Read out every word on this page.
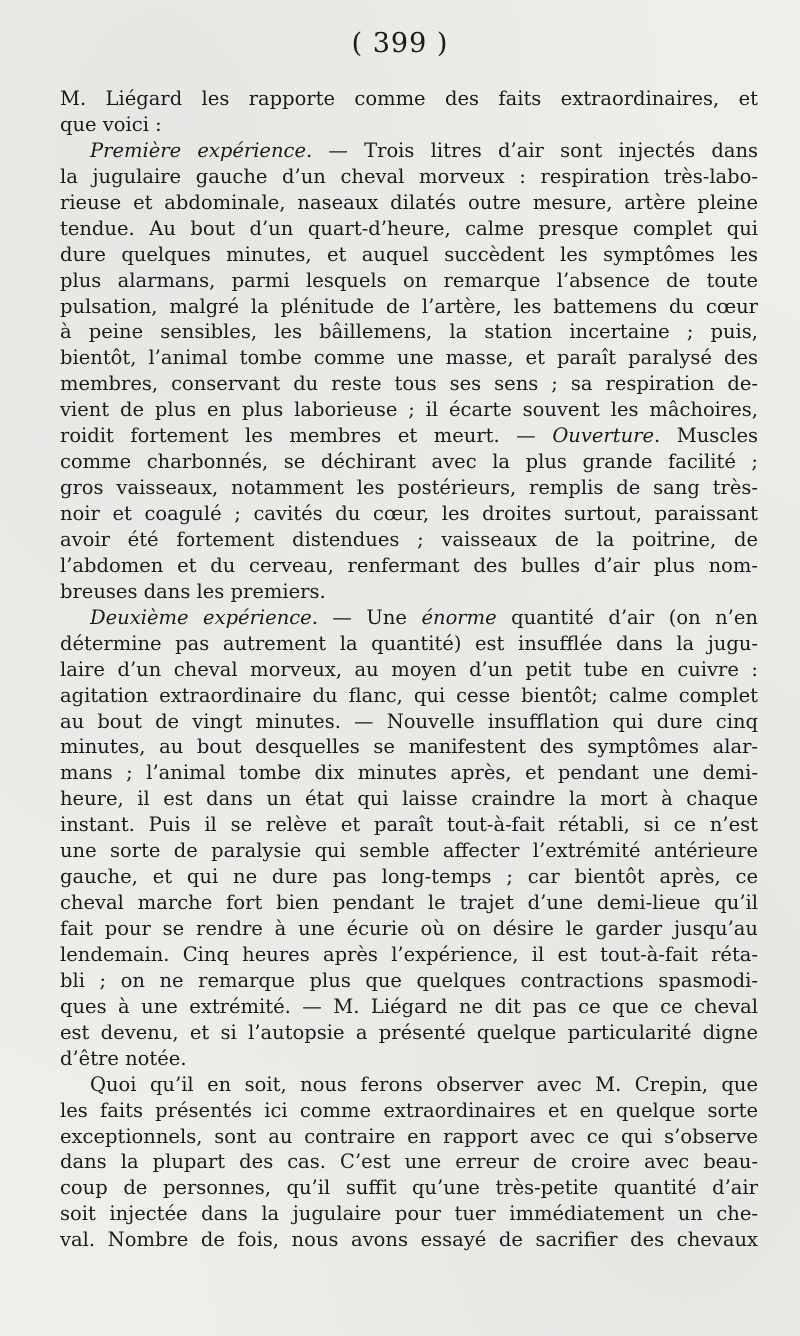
( 399 )
M. Liégard les rapporte comme des faits extraordinaires, et
que voici :
Première expérience. — Trois litres d’air sont injectés dans
la jugulaire gauche d’un cheval morveux : respiration très-labo-
rieuse et abdominale, naseaux dilatés outre mesure, artère pleine
tendue. Au bout d’un quart-d’heure, calme presque complet qui
dure quelques minutes, et auquel succèdent les symptômes les
plus alarmans, parmi lesquels on remarque l’absence de toute
pulsation, malgré la plénitude de l’artère, les battemens du cœur
à peine sensibles, les bâillemens, la station incertaine ; puis,
bientôt, l’animal tombe comme une masse, et paraît paralysé des
membres, conservant du reste tous ses sens ; sa respiration de-
vient de plus en plus laborieuse ; il écarte souvent les mâchoires,
roidit fortement les membres et meurt. — Ouverture. Muscles
comme charbonnés, se déchirant avec la plus grande facilité ;
gros vaisseaux, notamment les postérieurs, remplis de sang très-
noir et coagulé ; cavités du cœur, les droites surtout, paraissant
avoir été fortement distendues ; vaisseaux de la poitrine, de
l’abdomen et du cerveau, renfermant des bulles d’air plus nom-
breuses dans les premiers.
Deuxième expérience. — Une énorme quantité d’air (on n’en
détermine pas autrement la quantité) est insufflée dans la jugu-
laire d’un cheval morveux, au moyen d’un petit tube en cuivre :
agitation extraordinaire du flanc, qui cesse bientôt; calme complet
au bout de vingt minutes. — Nouvelle insufflation qui dure cinq
minutes, au bout desquelles se manifestent des symptômes alar-
mans ; l’animal tombe dix minutes après, et pendant une demi-
heure, il est dans un état qui laisse craindre la mort à chaque
instant. Puis il se relève et paraît tout-à-fait rétabli, si ce n’est
une sorte de paralysie qui semble affecter l’extrémité antérieure
gauche, et qui ne dure pas long-temps ; car bientôt après, ce
cheval marche fort bien pendant le trajet d’une demi-lieue qu’il
fait pour se rendre à une écurie où on désire le garder jusqu’au
lendemain. Cinq heures après l’expérience, il est tout-à-fait réta-
bli ; on ne remarque plus que quelques contractions spasmodi-
ques à une extrémité. — M. Liégard ne dit pas ce que ce cheval
est devenu, et si l’autopsie a présenté quelque particularité digne
d’être notée.
Quoi qu’il en soit, nous ferons observer avec M. Crepin, que
les faits présentés ici comme extraordinaires et en quelque sorte
exceptionnels, sont au contraire en rapport avec ce qui s’observe
dans la plupart des cas. C’est une erreur de croire avec beau-
coup de personnes, qu’il suffit qu’une très-petite quantité d’air
soit injectée dans la jugulaire pour tuer immédiatement un che-
val. Nombre de fois, nous avons essayé de sacrifier des chevaux
